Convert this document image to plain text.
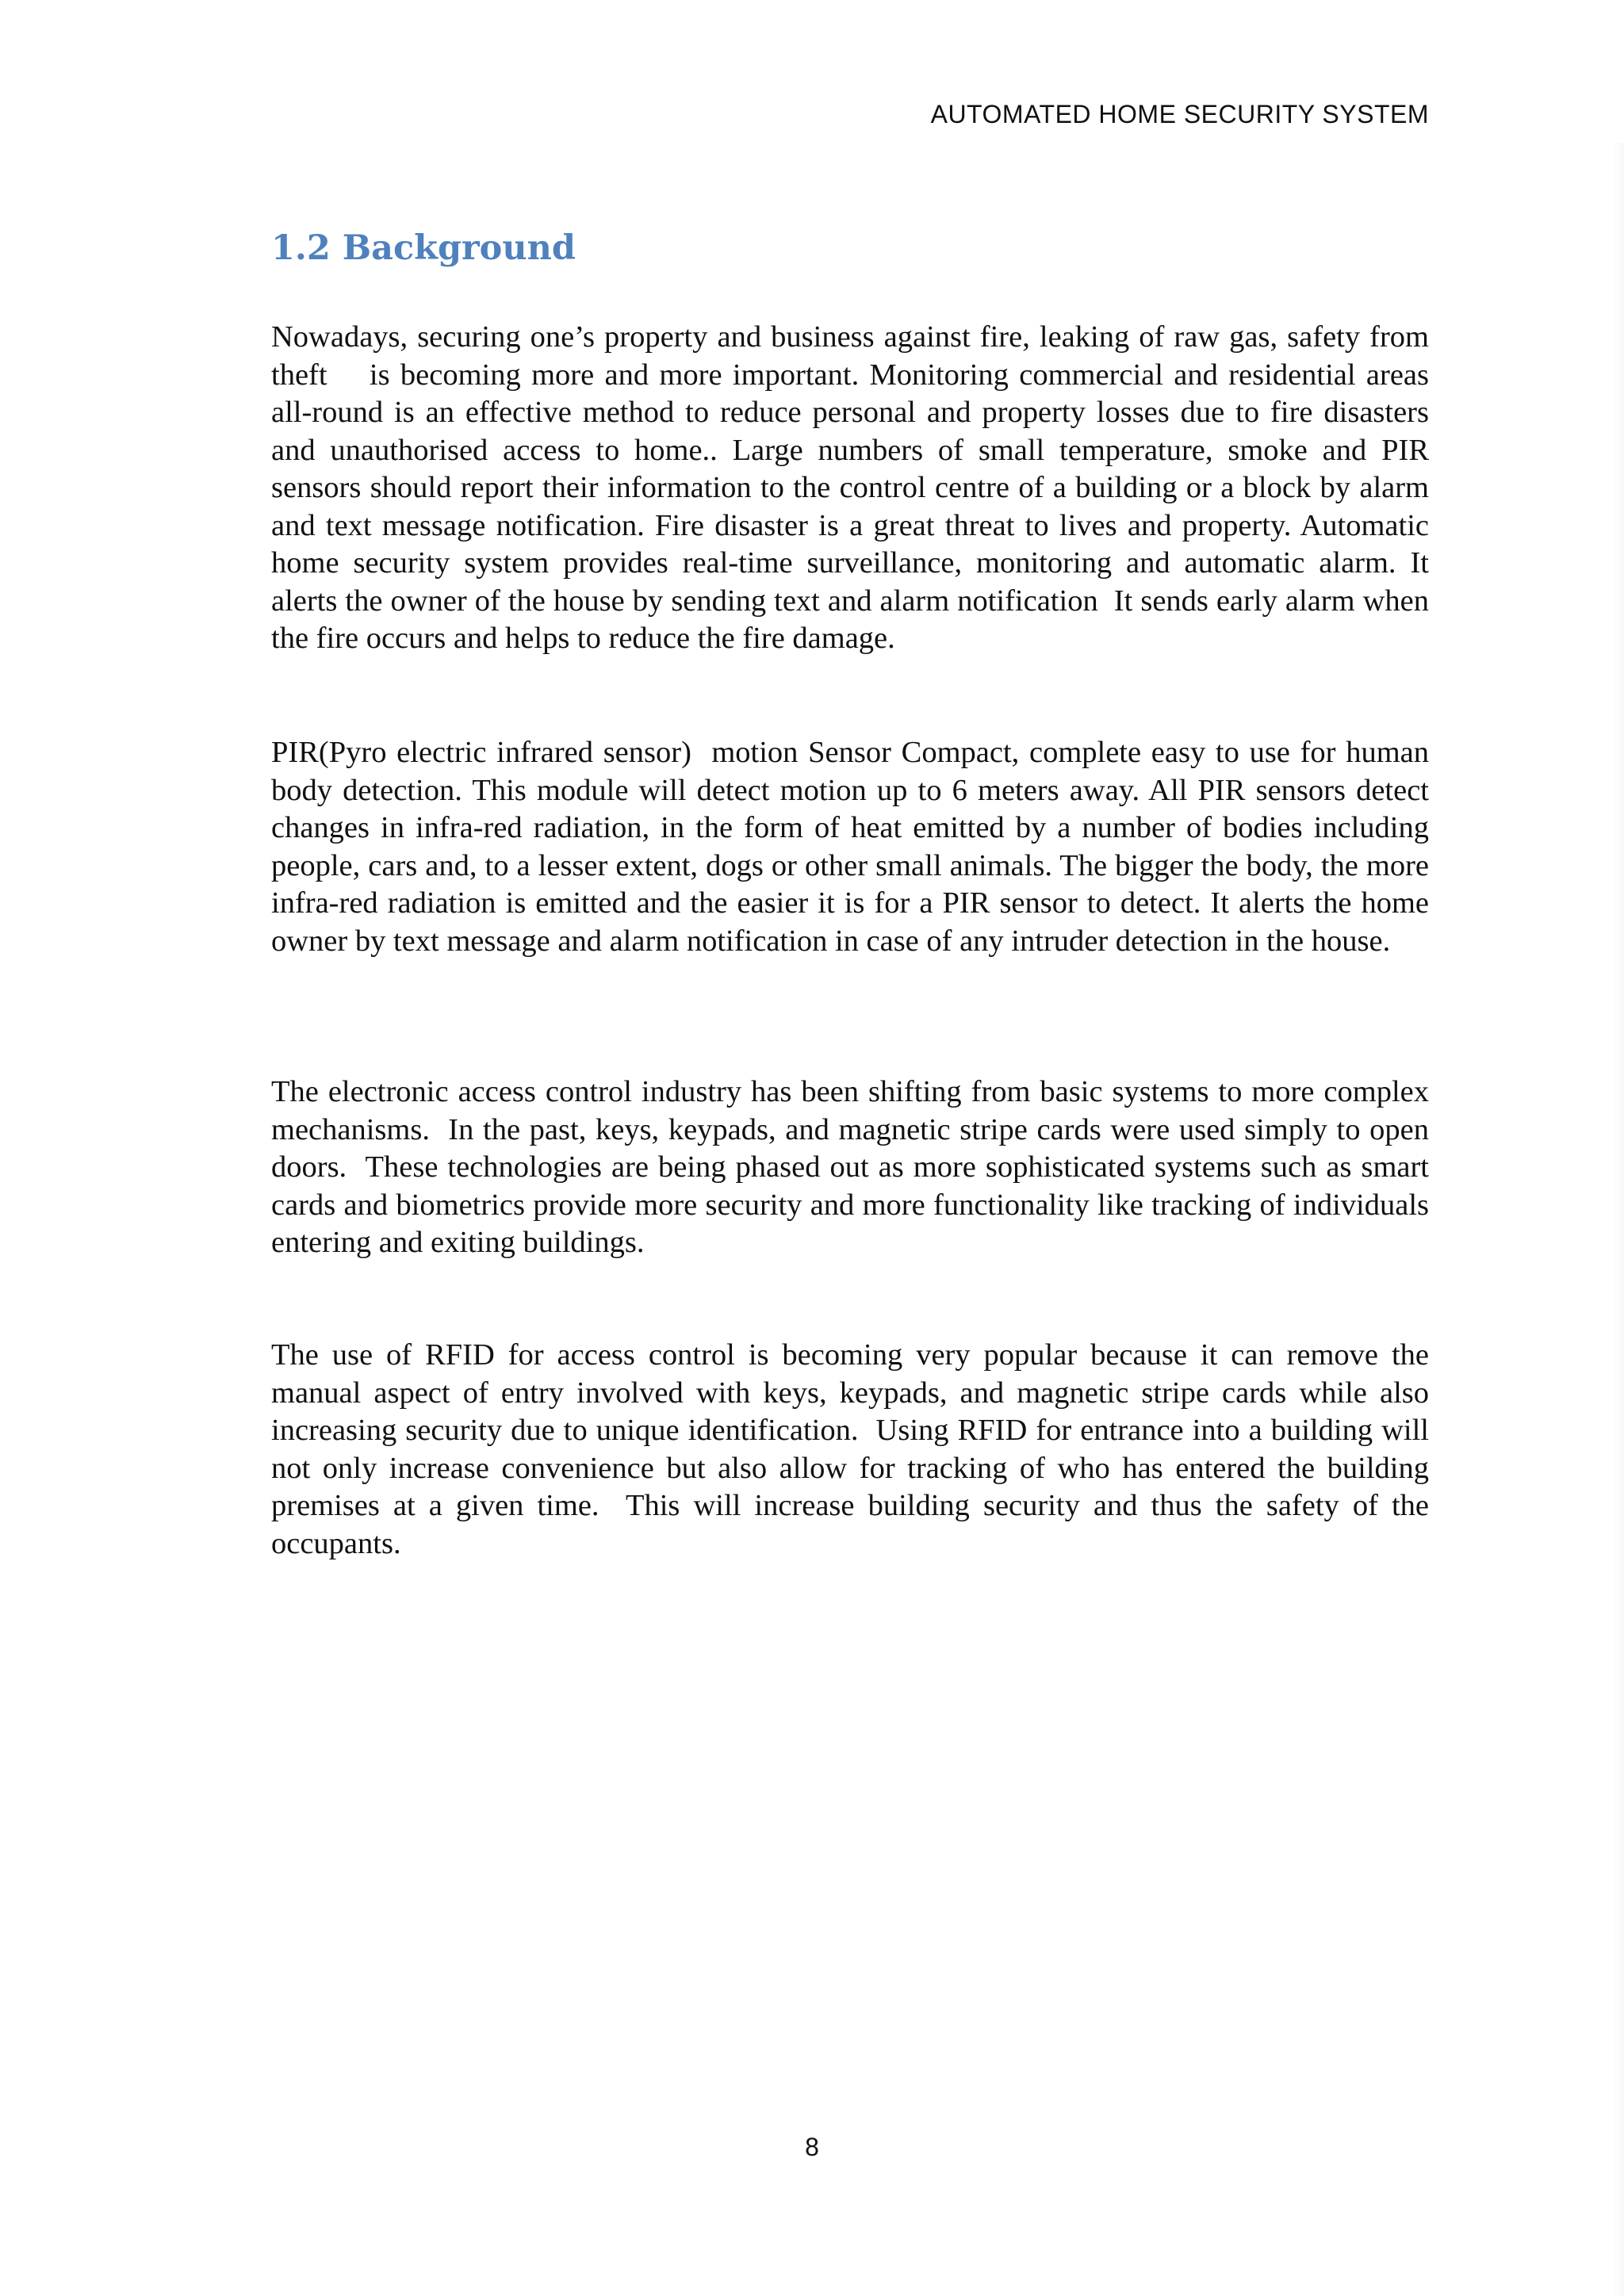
AUTOMATED HOME SECURITY SYSTEM
1.2 Background

Nowadays, securing one’s property and business against fire, leaking of raw gas, safety from theft    is becoming more and more important. Monitoring commercial and residential areas all-round is an effective method to reduce personal and property losses due to fire disasters and unauthorised access to home.. Large numbers of small temperature, smoke and PIR sensors should report their information to the control centre of a building or a block by alarm and text message notification. Fire disaster is a great threat to lives and property. Automatic home security system provides real-time surveillance, monitoring and automatic alarm. It alerts the owner of the house by sending text and alarm notification  It sends early alarm when the fire occurs and helps to reduce the fire damage.

PIR(Pyro electric infrared sensor)  motion Sensor Compact, complete easy to use for human body detection. This module will detect motion up to 6 meters away. All PIR sensors detect changes in infra-red radiation, in the form of heat emitted by a number of bodies including people, cars and, to a lesser extent, dogs or other small animals. The bigger the body, the more infra-red radiation is emitted and the easier it is for a PIR sensor to detect. It alerts the home owner by text message and alarm notification in case of any intruder detection in the house.

The electronic access control industry has been shifting from basic systems to more complex mechanisms.  In the past, keys, keypads, and magnetic stripe cards were used simply to open doors.  These technologies are being phased out as more sophisticated systems such as smart cards and biometrics provide more security and more functionality like tracking of individuals entering and exiting buildings.

The use of RFID for access control is becoming very popular because it can remove the manual aspect of entry involved with keys, keypads, and magnetic stripe cards while also increasing security due to unique identification.  Using RFID for entrance into a building will not only increase convenience but also allow for tracking of who has entered the building premises at a given time.  This will increase building security and thus the safety of the occupants.

8
